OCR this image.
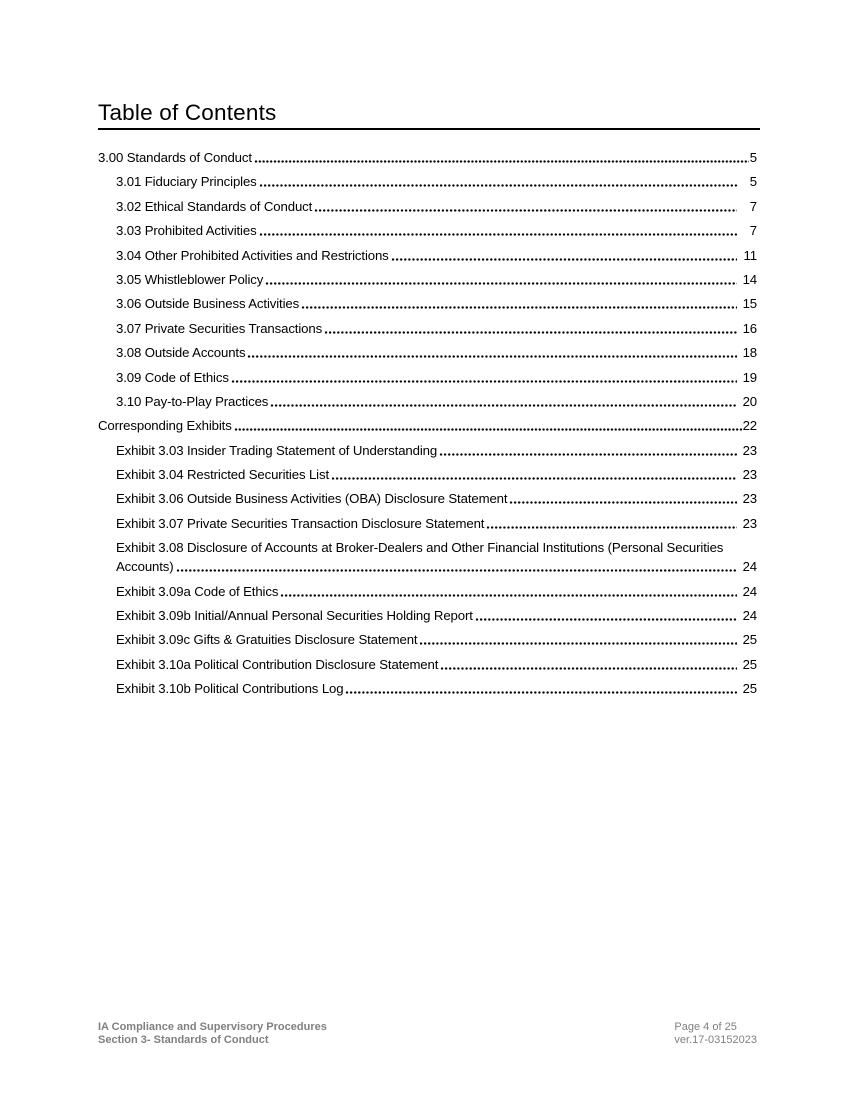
Table of Contents
3.00 Standards of Conduct	5
3.01 Fiduciary Principles	5
3.02 Ethical Standards of Conduct	7
3.03 Prohibited Activities	7
3.04 Other Prohibited Activities and Restrictions	11
3.05 Whistleblower Policy	14
3.06 Outside Business Activities	15
3.07 Private Securities Transactions	16
3.08 Outside Accounts	18
3.09 Code of Ethics	19
3.10 Pay-to-Play Practices	20
Corresponding Exhibits	22
Exhibit 3.03 Insider Trading Statement of Understanding	23
Exhibit 3.04 Restricted Securities List	23
Exhibit 3.06 Outside Business Activities (OBA) Disclosure Statement	23
Exhibit 3.07 Private Securities Transaction Disclosure Statement	23
Exhibit 3.08 Disclosure of Accounts at Broker-Dealers and Other Financial Institutions (Personal Securities
Accounts)	24
Exhibit 3.09a Code of Ethics	24
Exhibit 3.09b Initial/Annual Personal Securities Holding Report	24
Exhibit 3.09c Gifts & Gratuities Disclosure Statement	25
Exhibit 3.10a Political Contribution Disclosure Statement	25
Exhibit 3.10b Political Contributions Log	25
IA Compliance and Supervisory Procedures
Section 3- Standards of Conduct
Page 4 of 25
ver.17-03152023
